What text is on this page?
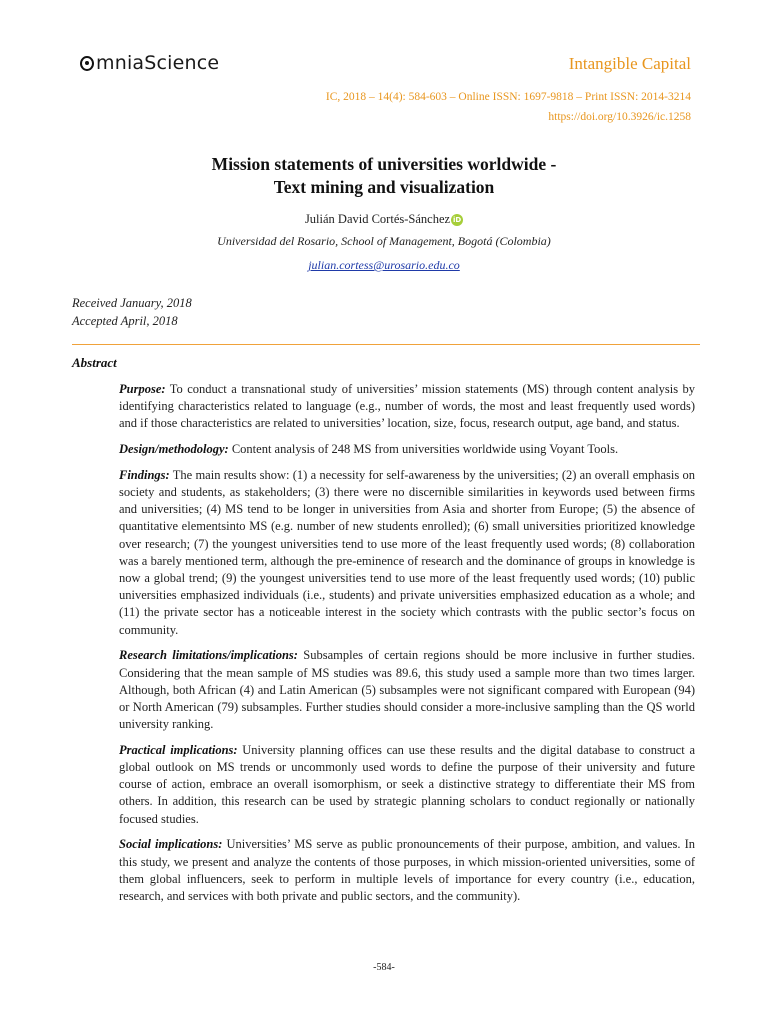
mniaScience	Intangible Capital
IC, 2018 – 14(4): 584-603 – Online ISSN: 1697-9818 – Print ISSN: 2014-3214
https://doi.org/10.3926/ic.1258
Mission statements of universities worldwide -
Text mining and visualization
Julián David Cortés-Sánchez iD
Universidad del Rosario, School of Management, Bogotá (Colombia)
julian.cortess@urosario.edu.co
Received January, 2018
Accepted April, 2018
Abstract

Purpose: To conduct a transnational study of universities’ mission statements (MS) through content analysis by identifying characteristics related to language (e.g., number of words, the most and least frequently used words) and if those characteristics are related to universities’ location, size, focus, research output, age band, and status.

Design/methodology: Content analysis of 248 MS from universities worldwide using Voyant Tools.

Findings: The main results show: (1) a necessity for self-awareness by the universities; (2) an overall emphasis on society and students, as stakeholders; (3) there were no discernible similarities in keywords used between firms and universities; (4) MS tend to be longer in universities from Asia and shorter from Europe; (5) the absence of quantitative elementsinto MS (e.g. number of new students enrolled); (6) small universities prioritized knowledge over research; (7) the youngest universities tend to use more of the least frequently used words; (8) collaboration was a barely mentioned term, although the pre-eminence of research and the dominance of groups in knowledge is now a global trend; (9) the youngest universities tend to use more of the least frequently used words; (10) public universities emphasized individuals (i.e., students) and private universities emphasized education as a whole; and (11) the private sector has a noticeable interest in the society which contrasts with the public sector’s focus on community.

Research limitations/implications: Subsamples of certain regions should be more inclusive in further studies. Considering that the mean sample of MS studies was 89.6, this study used a sample more than two times larger. Although, both African (4) and Latin American (5) subsamples were not significant compared with European (94) or North American (79) subsamples. Further studies should consider a more-inclusive sampling than the QS world university ranking.

Practical implications: University planning offices can use these results and the digital database to construct a global outlook on MS trends or uncommonly used words to define the purpose of their university and future course of action, embrace an overall isomorphism, or seek a distinctive strategy to differentiate their MS from others. In addition, this research can be used by strategic planning scholars to conduct regionally or nationally focused studies.

Social implications: Universities’ MS serve as public pronouncements of their purpose, ambition, and values. In this study, we present and analyze the contents of those purposes, in which mission-oriented universities, some of them global influencers, seek to perform in multiple levels of importance for every country (i.e., education, research, and services with both private and public sectors, and the community).

-584-
